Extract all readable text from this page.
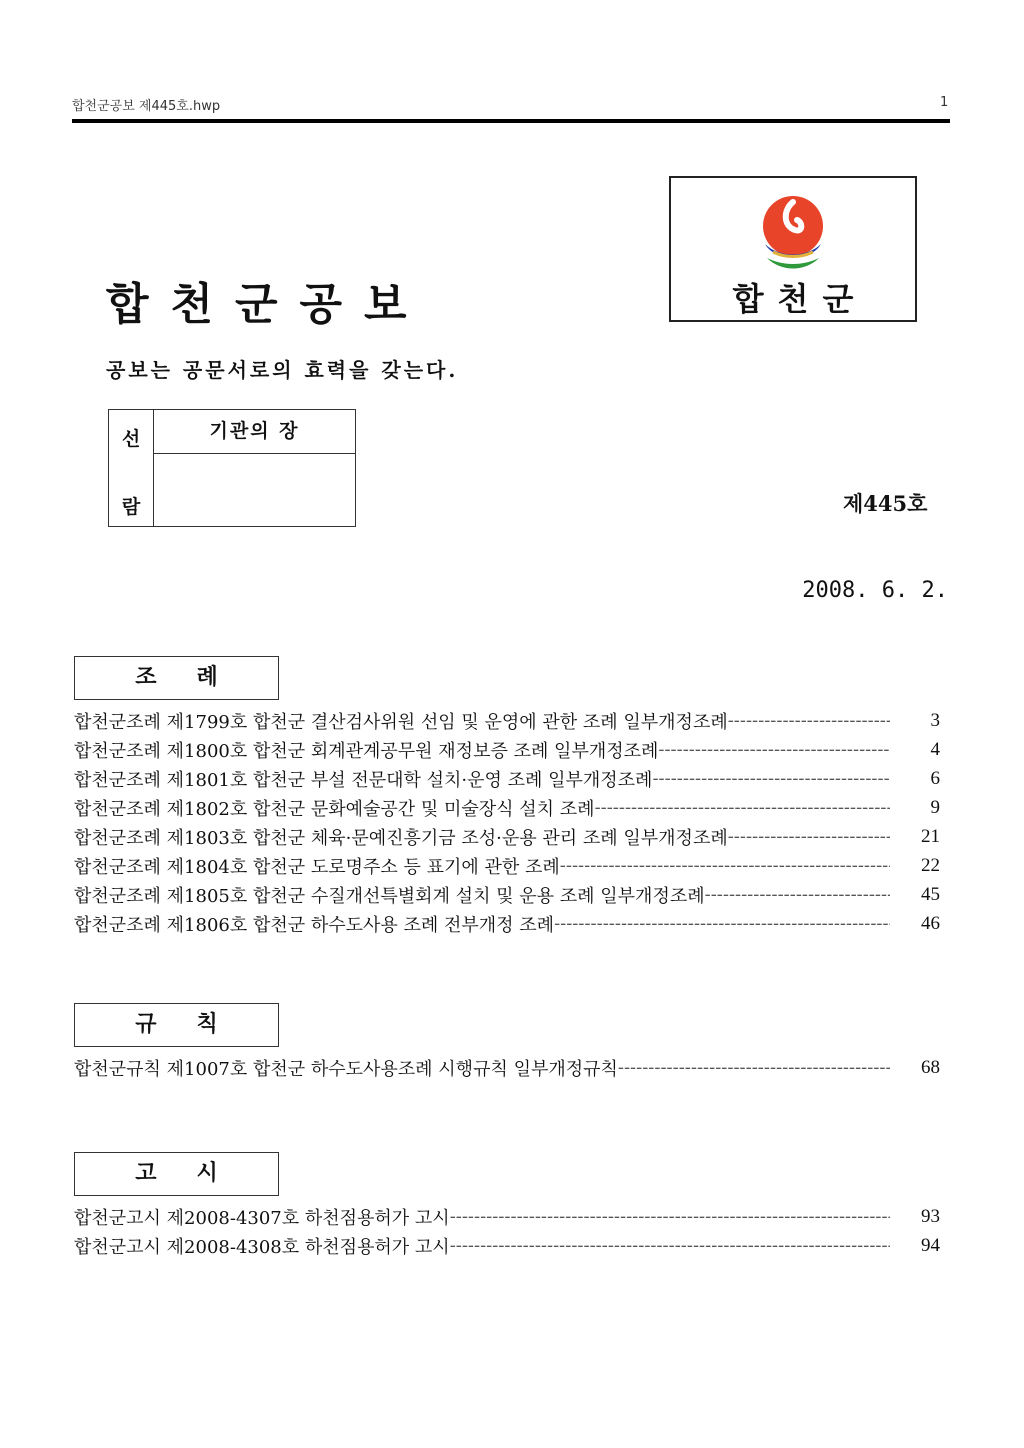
합천군공보 제445호.hwp	1
합천군
합천군공보
공보는 공문서로의 효력을 갖는다.
선
람
기관의 장
제445호
2008. 6. 2.
조례
합천군조례 제1799호 합천군 결산검사위원 선임 및 운영에 관한 조례 일부개정조례 -----	3
합천군조례 제1800호 합천군 회계관계공무원 재정보증 조례 일부개정조례 -----	4
합천군조례 제1801호 합천군 부설 전문대학 설치·운영 조례 일부개정조례 -----	6
합천군조례 제1802호 합천군 문화예술공간 및 미술장식 설치 조례 -----	9
합천군조례 제1803호 합천군 체육·문예진흥기금 조성·운용 관리 조례 일부개정조례 -----	21
합천군조례 제1804호 합천군 도로명주소 등 표기에 관한 조례 -----	22
합천군조례 제1805호 합천군 수질개선특별회계 설치 및 운용 조례 일부개정조례 -----	45
합천군조례 제1806호 합천군 하수도사용 조례 전부개정 조례 -----	46
규칙
합천군규칙 제1007호 합천군 하수도사용조례 시행규칙 일부개정규칙 -----	68
고시
합천군고시 제2008-4307호 하천점용허가 고시 -----	93
합천군고시 제2008-4308호 하천점용허가 고시 -----	94
